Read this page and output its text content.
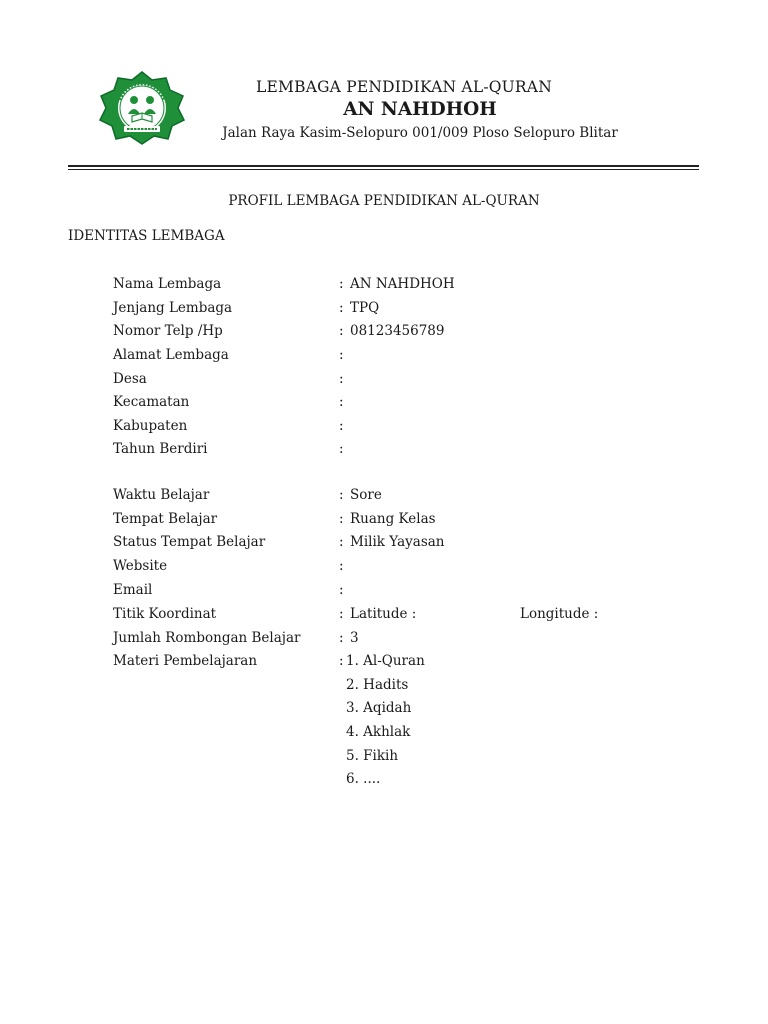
LEMBAGA PENDIDIKAN AL-QURAN
AN NAHDHOH
Jalan Raya Kasim-Selopuro 001/009 Ploso Selopuro Blitar
PROFIL LEMBAGA PENDIDIKAN AL-QURAN
IDENTITAS LEMBAGA
Nama Lembaga	: AN NAHDHOH
Jenjang Lembaga	: TPQ
Nomor Telp /Hp	: 08123456789
Alamat Lembaga	:
Desa	:
Kecamatan	:
Kabupaten	:
Tahun Berdiri	:
Waktu Belajar	: Sore
Tempat Belajar	: Ruang Kelas
Status Tempat Belajar	: Milik Yayasan
Website	:
Email	:
Titik Koordinat	: Latitude :	Longitude :
Jumlah Rombongan Belajar	: 3
Materi Pembelajaran	: 1. Al-Quran
2. Hadits
3. Aqidah
4. Akhlak
5. Fikih
6. ....
